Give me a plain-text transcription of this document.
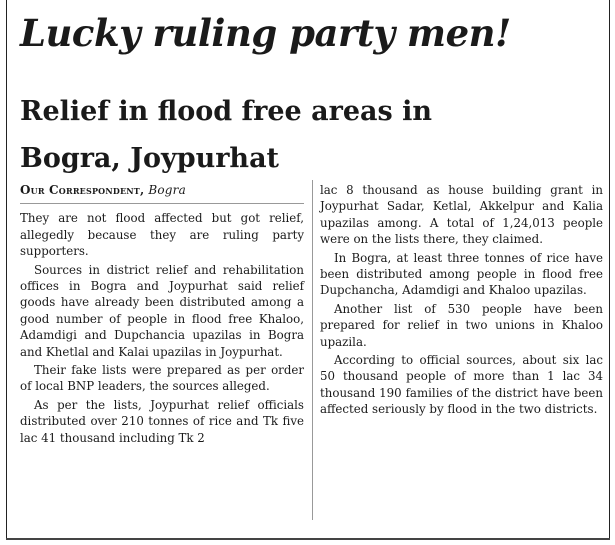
Lucky ruling party men!
Relief in flood free areas in Bogra, Joypurhat

Our Correspondent, Bogra

They are not flood affected but got relief, allegedly because they are ruling party supporters.

Sources in district relief and rehabilitation offices in Bogra and Joypurhat said relief goods have already been distributed among a good number of people in flood free Khaloo, Adamdigi and Dupchancia upazilas in Bogra and Khetlal and Kalai upazilas in Joypurhat.

Their fake lists were prepared as per order of local BNP leaders, the sources alleged.

As per the lists, Joypurhat relief officials distributed over 210 tonnes of rice and Tk five lac 41 thousand including Tk 2

lac 8 thousand as house building grant in Joypurhat Sadar, Ketlal, Akkelpur and Kalia upazilas among. A total of 1,24,013 people were on the lists there, they claimed.

In Bogra, at least three tonnes of rice have been distributed among people in flood free Dupchancha, Adamdigi and Khaloo upazilas.

Another list of 530 people have been prepared for relief in two unions in Khaloo upazila.

According to official sources, about six lac 50 thousand people of more than 1 lac 34 thousand 190 families of the district have been affected seriously by flood in the two districts.
